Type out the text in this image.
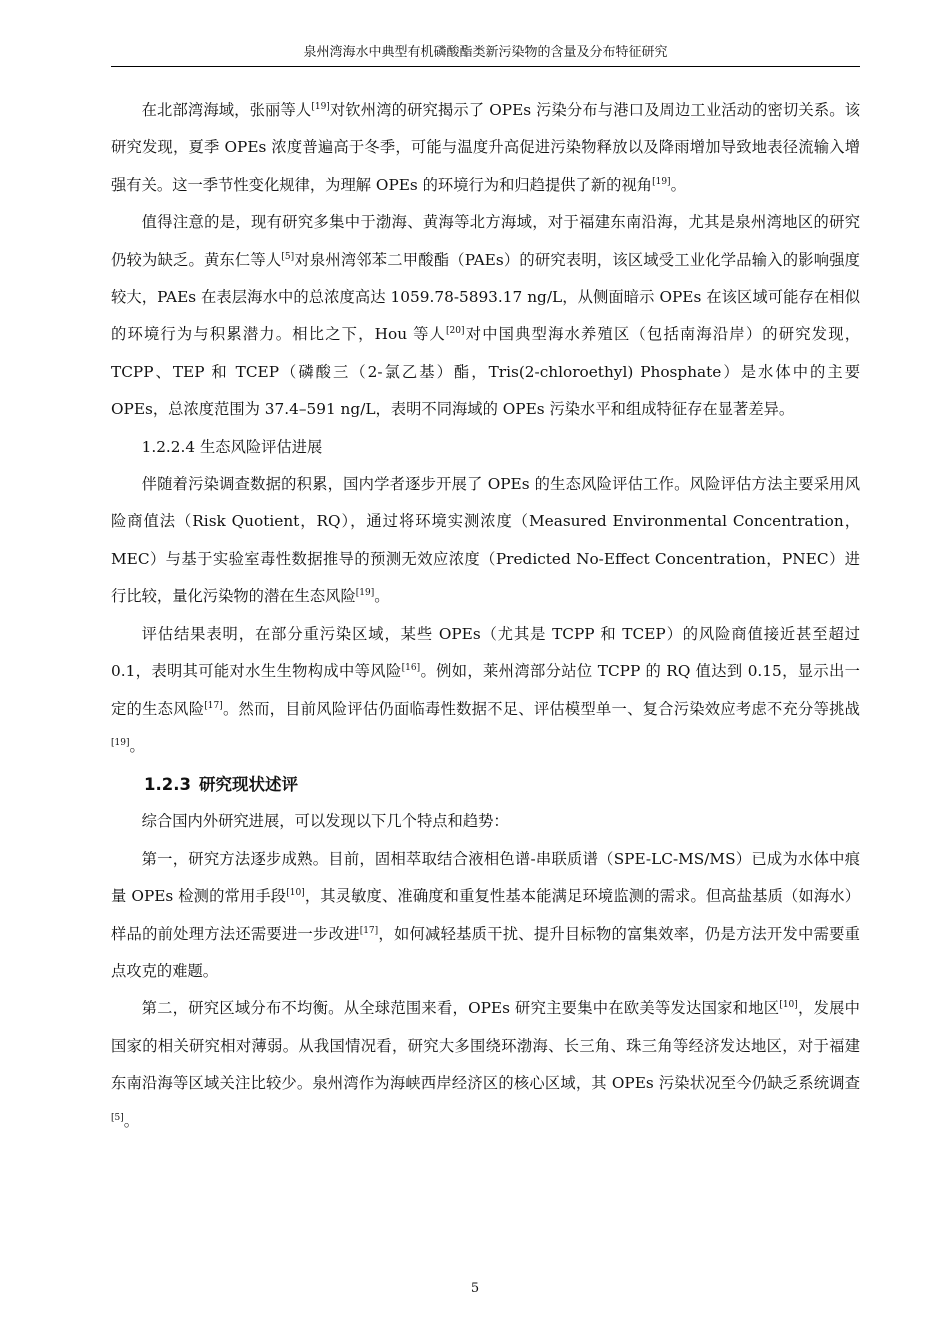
泉州湾海水中典型有机磷酸酯类新污染物的含量及分布特征研究

在北部湾海域，张丽等人[19]对钦州湾的研究揭示了 OPEs 污染分布与港口及周边工业活动的密切关系。该研究发现，夏季 OPEs 浓度普遍高于冬季，可能与温度升高促进污染物释放以及降雨增加导致地表径流输入增强有关。这一季节性变化规律，为理解 OPEs 的环境行为和归趋提供了新的视角[19]。

值得注意的是，现有研究多集中于渤海、黄海等北方海域，对于福建东南沿海，尤其是泉州湾地区的研究仍较为缺乏。黄东仁等人[5]对泉州湾邻苯二甲酸酯（PAEs）的研究表明，该区域受工业化学品输入的影响强度较大，PAEs 在表层海水中的总浓度高达 1059.78-5893.17 ng/L，从侧面暗示 OPEs 在该区域可能存在相似的环境行为与积累潜力。相比之下，Hou 等人[20]对中国典型海水养殖区（包括南海沿岸）的研究发现，TCPP、TEP 和 TCEP（磷酸三（2-氯乙基）酯，Tris(2-chloroethyl) Phosphate）是水体中的主要 OPEs，总浓度范围为 37.4–591 ng/L，表明不同海域的 OPEs 污染水平和组成特征存在显著差异。

1.2.2.4 生态风险评估进展

伴随着污染调查数据的积累，国内学者逐步开展了 OPEs 的生态风险评估工作。风险评估方法主要采用风险商值法（Risk Quotient，RQ），通过将环境实测浓度（Measured Environmental Concentration，MEC）与基于实验室毒性数据推导的预测无效应浓度（Predicted No-Effect Concentration，PNEC）进行比较，量化污染物的潜在生态风险[19]。

评估结果表明，在部分重污染区域，某些 OPEs（尤其是 TCPP 和 TCEP）的风险商值接近甚至超过 0.1，表明其可能对水生生物构成中等风险[16]。例如，莱州湾部分站位 TCPP 的 RQ 值达到 0.15，显示出一定的生态风险[17]。然而，目前风险评估仍面临毒性数据不足、评估模型单一、复合污染效应考虑不充分等挑战[19]。

1.2.3 研究现状述评

综合国内外研究进展，可以发现以下几个特点和趋势：

第一，研究方法逐步成熟。目前，固相萃取结合液相色谱-串联质谱（SPE-LC-MS/MS）已成为水体中痕量 OPEs 检测的常用手段[10]，其灵敏度、准确度和重复性基本能满足环境监测的需求。但高盐基质（如海水）样品的前处理方法还需要进一步改进[17]，如何减轻基质干扰、提升目标物的富集效率，仍是方法开发中需要重点攻克的难题。

第二，研究区域分布不均衡。从全球范围来看，OPEs 研究主要集中在欧美等发达国家和地区[10]，发展中国家的相关研究相对薄弱。从我国情况看，研究大多围绕环渤海、长三角、珠三角等经济发达地区，对于福建东南沿海等区域关注比较少。泉州湾作为海峡西岸经济区的核心区域，其 OPEs 污染状况至今仍缺乏系统调查[5]。

5
